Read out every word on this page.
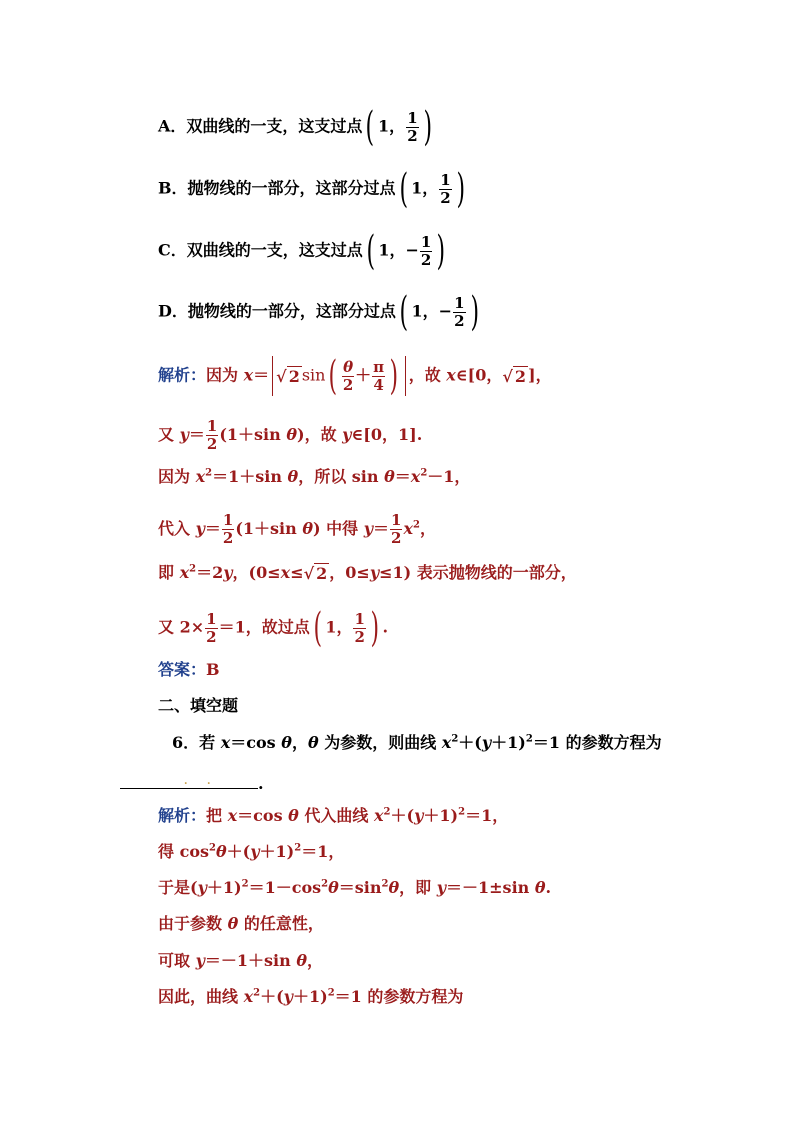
A．双曲线的一支，这支过点( 1， $\frac{1}{2}$ )
B．抛物线的一部分，这部分过点( 1， $\frac{1}{2}$ )
C．双曲线的一支，这支过点( 1，− $\frac{1}{2}$ )
D．抛物线的一部分，这部分过点( 1，− $\frac{1}{2}$ )
解析：因为 x＝ √ 2 $\sin( \frac{\theta}{2} + \frac{\pi}{4}$ ) ，故 x∈[0，√ 2 ]，
又 $y= \frac{1}{2} (1+\sin$ θ)，故 y∈[0，1].
因为 $x^2=1+\sin$ θ，所以 $\sin \theta=x^2-1$，
代入 $y= \frac{1}{2} (1+\sin$ θ) 中得 $y= \frac{1}{2} x^2$，
即 $x^2=2y$，(0≤x≤√ 2 ，0≤y≤1) 表示抛物线的一部分，
又 $2\times \frac{1}{2} =1$，故过点( 1， $\frac{1}{2}$ ) .
答案：B
二、填空题
6．若 x＝cos θ，θ 为参数，则曲线 $x^2+(y+1)^2=1$ 的参数方程为
. . .
解析：把 x＝cos θ 代入曲线 $x^2+(y+1)^2=1$，
得 $\cos^2\theta+(y+1)^2=1$，
于是$(y+1)^2=1-\cos^2\theta=\sin^2\theta$，即 y＝－1±sin θ.
由于参数 θ 的任意性，
可取 y＝－1＋sin θ，
因此，曲线 $x^2+(y+1)^2=1$ 的参数方程为
